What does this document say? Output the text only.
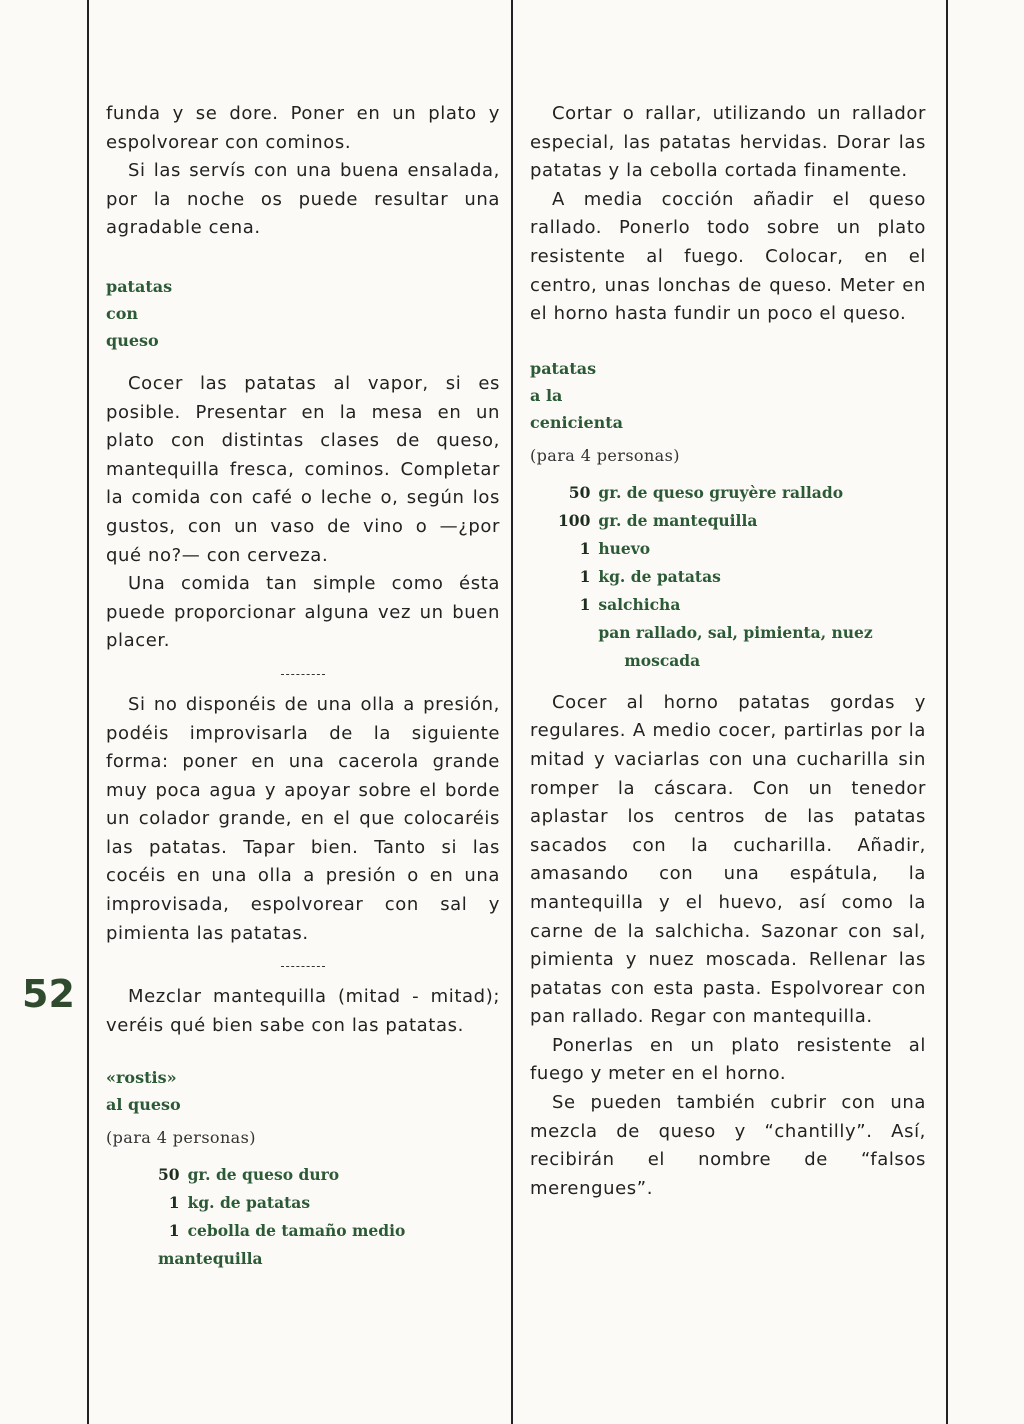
52

funda y se dore. Poner en un plato y espolvorear con cominos.

Si las servís con una buena ensalada, por la noche os puede resultar una agradable cena.

patatas
con
queso

Cocer las patatas al vapor, si es posible. Presentar en la mesa en un plato con distintas clases de queso, mantequilla fresca, cominos. Completar la comida con café o leche o, según los gustos, con un vaso de vino o —¿por qué no?— con cerveza.

Una comida tan simple como ésta puede proporcionar alguna vez un buen placer.

Si no disponéis de una olla a presión, podéis improvisarla de la siguiente forma: poner en una cacerola grande muy poca agua y apoyar sobre el borde un colador grande, en el que colocaréis las patatas. Tapar bien. Tanto si las cocéis en una olla a presión o en una improvisada, espolvorear con sal y pimienta las patatas.

Mezclar mantequilla (mitad - mitad); veréis qué bien sabe con las patatas.

«rostis»
al queso
(para 4 personas)
50	gr. de queso duro
1	kg. de patatas
1	cebolla de tamaño medio
mantequilla	

Cortar o rallar, utilizando un rallador especial, las patatas hervidas. Dorar las patatas y la cebolla cortada finamente.

A media cocción añadir el queso rallado. Ponerlo todo sobre un plato resistente al fuego. Colocar, en el centro, unas lonchas de queso. Meter en el horno hasta fundir un poco el queso.

patatas
a la
cenicienta
(para 4 personas)
50	gr. de queso gruyère rallado
100	gr. de mantequilla
1	huevo
1	kg. de patatas
1	salchicha
	pan rallado, sal, pimienta, nuez
moscada

Cocer al horno patatas gordas y regulares. A medio cocer, partirlas por la mitad y vaciarlas con una cucharilla sin romper la cáscara. Con un tenedor aplastar los centros de las patatas sacados con la cucharilla. Añadir, amasando con una espátula, la mantequilla y el huevo, así como la carne de la salchicha. Sazonar con sal, pimienta y nuez moscada. Rellenar las patatas con esta pasta. Espolvorear con pan rallado. Regar con mantequilla.

Ponerlas en un plato resistente al fuego y meter en el horno.

Se pueden también cubrir con una mezcla de queso y “chantilly”. Así, recibirán el nombre de “falsos merengues”.
